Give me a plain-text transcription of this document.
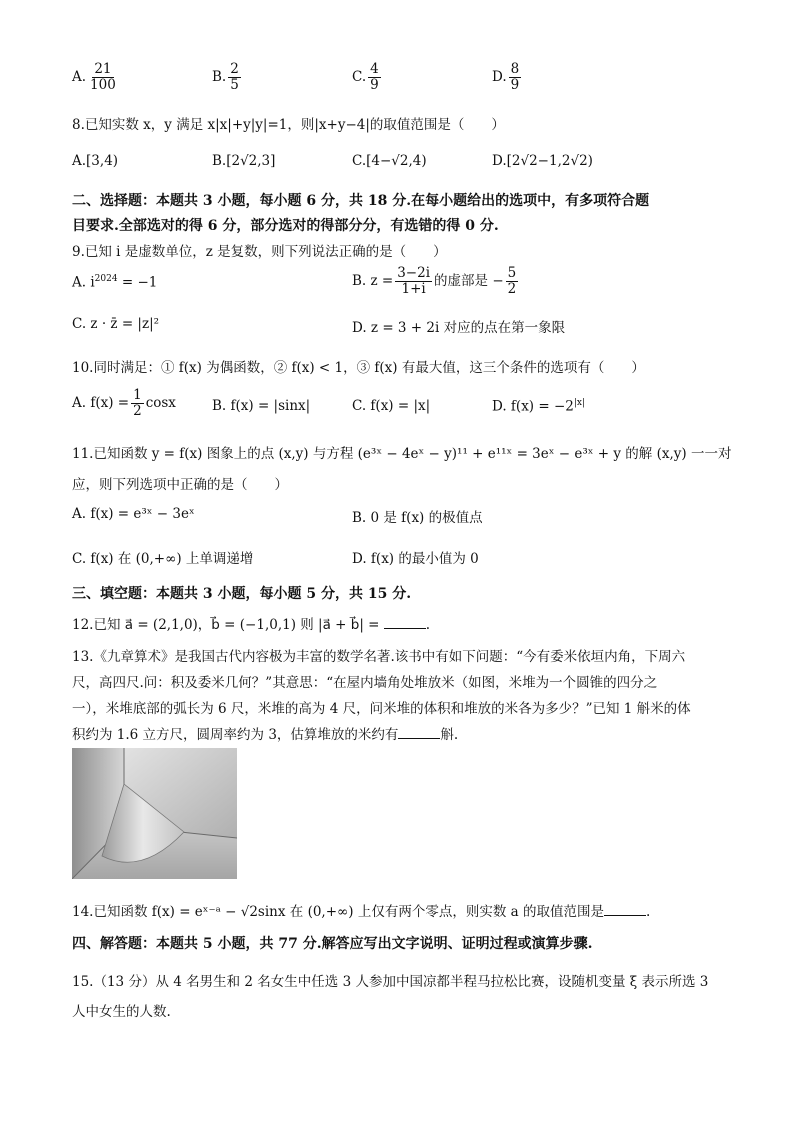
A. $\frac{21}{100}$	B. $\frac{2}{5}$	C. $\frac{4}{9}$	D. $\frac{8}{9}$
8.已知实数 x，y 满足 x|x|+y|y|=1，则|x+y−4|的取值范围是（　　）
A.[3,4)	B.[2√2,3]	C.[4−√2,4)	D.[2√2−1,2√2)
二、选择题：本题共 3 小题，每小题 6 分，共 18 分.在每小题给出的选项中，有多项符合题
目要求.全部选对的得 6 分，部分选对的得部分分，有选错的得 0 分.
9.已知 i 是虚数单位，z 是复数，则下列说法正确的是（　　）
A. $i^{2024} = -1$	B. $z = \frac{3-2i}{1+i}$ 的虚部是 − $\frac{5}{2}$
C. z · z̄ = |z|²	D. z = 3 + 2i 对应的点在第一象限
10.同时满足：① f(x) 为偶函数，② f(x) < 1，③ f(x) 有最大值，这三个条件的选项有（　　）
A. $f(x) = \frac{1}{2}$ cosx	B. f(x) = |sinx|	C. f(x) = |x|	D. $f(x) = -2^{|x|}$
11.已知函数 y = f(x) 图象上的点 (x,y) 与方程 (e³ˣ − 4eˣ − y)¹¹ + e¹¹ˣ = 3eˣ − e³ˣ + y 的解 (x,y) 一一对
应，则下列选项中正确的是（　　）
A. f(x) = e³ˣ − 3eˣ	B. 0 是 f(x) 的极值点
C. f(x) 在 (0,+∞) 上单调递增	D. f(x) 的最小值为 0
三、填空题：本题共 3 小题，每小题 5 分，共 15 分.
12.已知 a⃗ = (2,1,0)，b⃗ = (−1,0,1) 则 |a⃗ + b⃗| =	.
13.《九章算术》是我国古代内容极为丰富的数学名著.该书中有如下问题：“今有委米依垣内角，下周六
尺，高四尺.问：积及委米几何？”其意思：“在屋内墙角处堆放米（如图，米堆为一个圆锥的四分之
一），米堆底部的弧长为 6 尺，米堆的高为 4 尺，问米堆的体积和堆放的米各为多少？”已知 1 斛米的体
积约为 1.6 立方尺，圆周率约为 3，估算堆放的米约有	斛.
14.已知函数 f(x) = eˣ⁻ᵃ − √2sinx 在 (0,+∞) 上仅有两个零点，则实数 a 的取值范围是	.
四、解答题：本题共 5 小题，共 77 分.解答应写出文字说明、证明过程或演算步骤.
15.（13 分）从 4 名男生和 2 名女生中任选 3 人参加中国凉都半程马拉松比赛，设随机变量 ξ 表示所选 3
人中女生的人数.
